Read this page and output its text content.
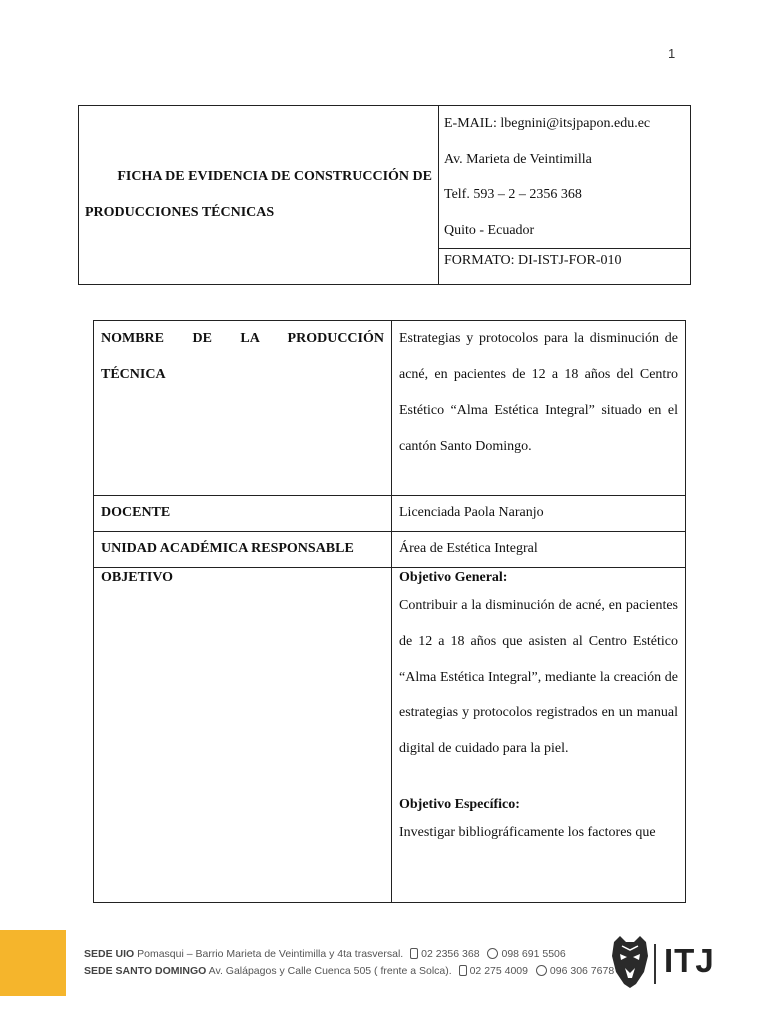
1
FICHA DE EVIDENCIA DE CONSTRUCCIÓN DE
PRODUCCIONES TÉCNICAS
E-MAIL: lbegnini@itsjpapon.edu.ec
Av. Marieta de Veintimilla
Telf. 593 – 2 – 2356 368
Quito - Ecuador
FORMATO: DI-ISTJ-FOR-010
NOMBRE DE LA PRODUCCIÓN
TÉCNICA	Estrategias y protocolos para la disminución de acné, en pacientes de 12 a 18 años del Centro Estético “Alma Estética Integral” situado en el cantón Santo Domingo.

DOCENTE	Licenciada Paola Naranjo
UNIDAD ACADÉMICA RESPONSABLE	Área de Estética Integral
OBJETIVO	Objetivo General:

Contribuir a la disminución de acné, en pacientes de 12 a 18 años que asisten al Centro Estético “Alma Estética Integral”, mediante la creación de estrategias y protocolos registrados en un manual digital de cuidado para la piel.

Objetivo Específico:

Investigar bibliográficamente los factores que

SEDE UIO Pomasqui – Barrio Marieta de Veintimilla y 4ta trasversal. 02 2356 368 098 691 5506
SEDE SANTO DOMINGO Av. Galápagos y Calle Cuenca 505 ( frente a Solca). 02 275 4009 096 306 7678 ITJ
